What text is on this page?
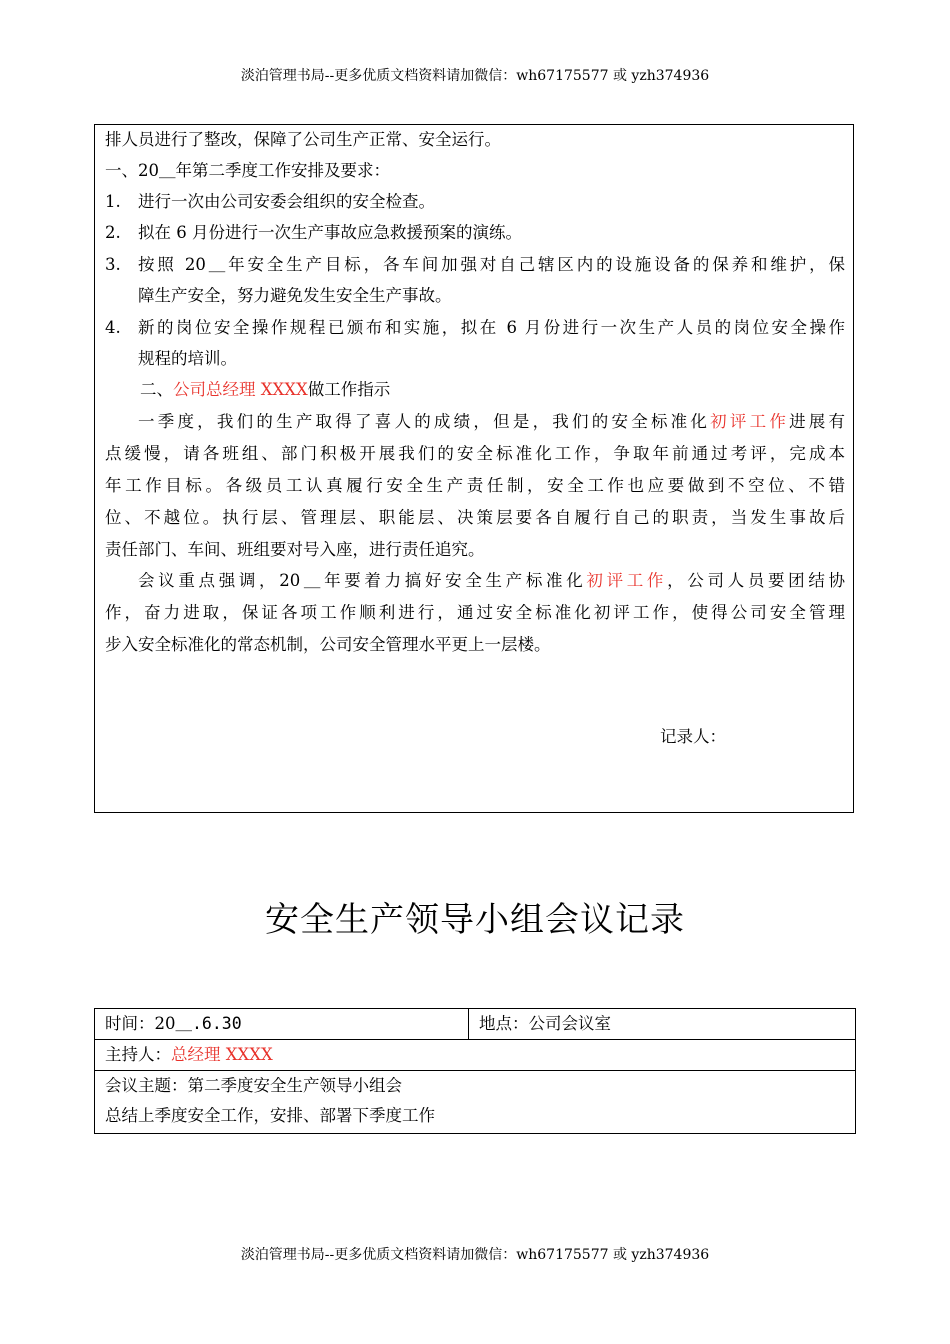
淡泊管理书局--更多优质文档资料请加微信：wh67175577 或 yzh374936
排人员进行了整改，保障了公司生产正常、安全运行。
一、20＿年第二季度工作安排及要求：
1.	进行一次由公司安委会组织的安全检查。
2.	拟在 6 月份进行一次生产事故应急救援预案的演练。
3.	按照 20＿年安全生产目标，各车间加强对自己辖区内的设施设备的保养和维护，保
障生产安全，努力避免发生安全生产事故。
4.	新的岗位安全操作规程已颁布和实施，拟在 6 月份进行一次生产人员的岗位安全操作
规程的培训。
二、公司总经理 XXXX做工作指示
一季度，我们的生产取得了喜人的成绩，但是，我们的安全标准化初评工作进展有
点缓慢，请各班组、部门积极开展我们的安全标准化工作，争取年前通过考评，完成本
年工作目标。各级员工认真履行安全生产责任制，安全工作也应要做到不空位、不错
位、不越位。执行层、管理层、职能层、决策层要各自履行自己的职责，当发生事故后
责任部门、车间、班组要对号入座，进行责任追究。
会议重点强调，20＿年要着力搞好安全生产标准化初评工作，公司人员要团结协
作，奋力进取，保证各项工作顺利进行，通过安全标准化初评工作，使得公司安全管理
步入安全标准化的常态机制，公司安全管理水平更上一层楼。
记录人：
安全生产领导小组会议记录
时间：20＿.6.30	地点：公司会议室
主持人：总经理 XXXX

会议主题：第二季度安全生产领导小组会
总结上季度安全工作，安排、部署下季度工作
淡泊管理书局--更多优质文档资料请加微信：wh67175577 或 yzh374936
